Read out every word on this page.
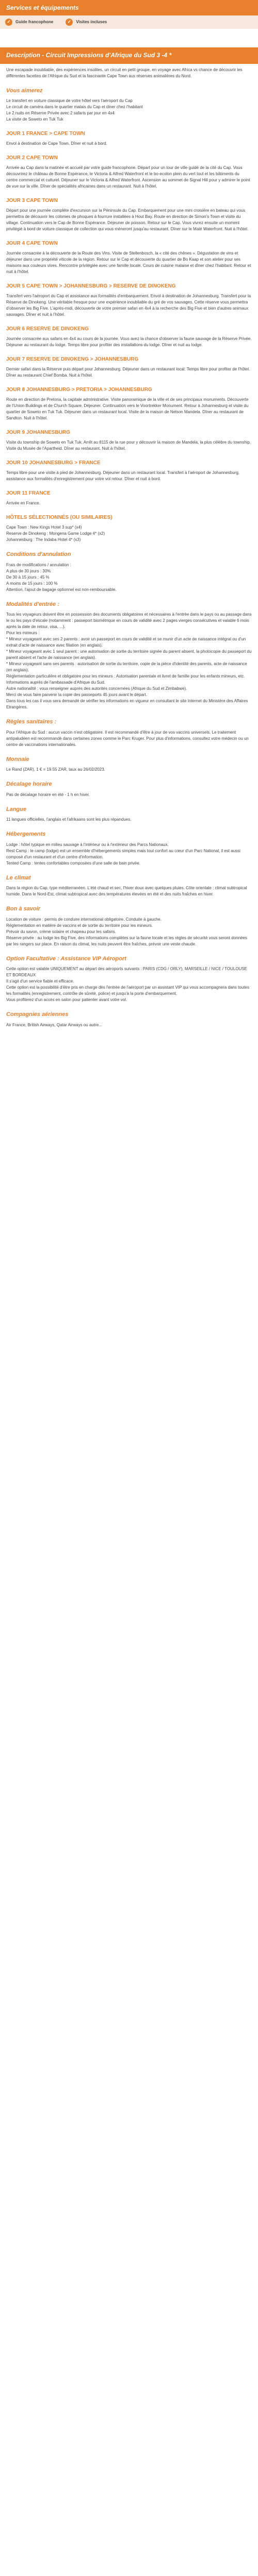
Services et équipements
✓	Guide francophone	✓	Visites incluses
Description - Circuit Impressions d'Afrique du Sud 3 -4 *

Une escapade inoubliable, des expériences insolites, un circuit en petit groupe, en voyage avec Africa vs chance de découvrir les différentes facettes de l'Afrique du Sud et la fascinante Cape Town aux réserves animalières du Nord.

Vous aimerez

Le transfert en voiture classique de votre hôtel vers l'aéroport du Cap
Le circuit de caméra dans le quartier malais du Cap et diner chez l'habitant
Le 2 nuits en Réserve Privée avec 2 safaris par jour en 4x4
La visite de Soweto en Tuk Tuk

JOUR 1 FRANCE > CAPE TOWN

Envol à destination de Cape Town. Dîner et nuit à bord.

JOUR 2 CAPE TOWN

Arrivée au Cap dans la matinée et accueil par votre guide francophone. Départ pour un tour de ville guidé de la cité du Cap. Vous découvrirez le château de Bonne Espérance, le Victoria & Alfred Waterfront et le bo-ecolon plein du vert tout et les bâtiments du centre commercial et culturel. Déjeuner sur le Victoria & Alfred Waterfront. Ascension au sommet de Signal Hill pour y admirer le point de vue sur la ville. Dîner de spécialités africaines dans un restaurant. Nuit à l'hôtel.

JOUR 3 CAPE TOWN

Départ pour une journée complète d'excursion sur la Péninsule du Cap. Embarquement pour une mini croisière en bateau qui vous permettra de découvrir les colonies de phoques à fourrure installées à Hout Bay. Route en direction de Simon's Town et visite du village. Continuation vers le Cap de Bonne Espérance. Déjeuner de poisson. Retour sur le Cap. Vous vivrez ensuite un moment privilégié à bord de voiture classique de collection qui vous mèneront jusqu'au restaurant. Dîner sur le Malé Waterfront. Nuit à l'hôtel.

JOUR 4 CAPE TOWN

Journée consacrée à la découverte de la Route des Vins. Visite de Stellenbosch, la « cité des chênes ». Dégustation de vins et déjeuner dans une propriété viticole de la région. Retour sur le Cap et découverte du quartier de Bo Kaap et son atelier pour ses maisons aux couleurs vives. Rencontre privilégiée avec une famille locale. Cours de cuisine malaise et dîner chez l'habitant. Retour et nuit à l'hôtel.

JOUR 5 CAPE TOWN > JOHANNESBURG > RESERVE DE DINOKENG

Transfert vers l'aéroport du Cap et assistance aux formalités d'embarquement. Envol à destination de Johannesburg. Transfert pour la Réserve de Dinokeng. Une véritable fresque pour une expérience inoubliable du gré de vos sauvages. Cette réserve vous permettra d'observer les Big Five. L'après-midi, découverte de votre premier safari en 4x4 à la recherche des Big Five et bien d'autres animaux sauvages. Dîner et nuit à l'hôtel.

JOUR 6 RESERVE DE DINOKENG

Journée consacrée aux safaris en 4x4 au cours de la journée. Vous avez la chance d'observer la faune sauvage de la Réserve Privée. Déjeuner au restaurant du lodge. Temps libre pour profiter des installations du lodge. Dîner et nuit au lodge.

JOUR 7 RESERVE DE DINOKENG > JOHANNESBURG

Dernier safari dans la Réserve puis départ pour Johannesburg. Déjeuner dans un restaurant local. Temps libre pour profiter de l'hôtel. Dîner au restaurant Chief Bomba. Nuit à l'hôtel.

JOUR 8 JOHANNESBURG > PRETORIA > JOHANNESBURG

Route en direction de Pretoria, la capitale administrative. Visite panoramique de la ville et de ses principaux monuments. Découverte de l'Union Buildings et de Church Square. Déjeuner. Continuation vers le Voortrekker Monument. Retour à Johannesburg et visite du quartier de Soweto en Tuk Tuk. Déjeuner dans un restaurant local. Visite de la maison de Nelson Mandela. Dîner au restaurant de Sandton. Nuit à l'hôtel.

JOUR 9 JOHANNESBURG

Visite du township de Soweto en Tuk Tuk. Arrêt au 8115 de la rue pour y découvrir la maison de Mandela, la plus célèbre du township. Visite du Musée de l'Apartheid. Dîner au restaurant. Nuit à l'hôtel.

JOUR 10 JOHANNESBURG > FRANCE

Temps libre pour une visite à pied de Johannesburg. Déjeuner dans un restaurant local. Transfert à l'aéroport de Johannesburg, assistance aux formalités d'enregistrement pour votre vol retour. Dîner et nuit à bord.

JOUR 11 FRANCE

Arrivée en France.

HÔTELS SÉLECTIONNÉS (OU SIMILAIRES)

Cape Town : New Kings Hotel 3 sup* (x4)
Reserve de Dinokeng : Mongena Game Lodge 4* (x2)
Johannesburg : The Indaba Hotel 4* (x3)

Conditions d'annulation

Frais de modifications / annulation :
A plus de 30 jours : 30%
De 30 à 15 jours : 45 %
A moins de 15 jours : 100 %
Attention, l'ajout de bagage optionnel est non-remboursable.

Modalités d'entrée :

Tous les voyageurs doivent être en possession des documents obligatoires et nécessaires à l'entrée dans le pays ou au passage dans le ou les pays d'escale (notamment : passeport biométrique en cours de validité avec 2 pages vierges consécutives et valable 6 mois après la date de retour, visa, ...).
Pour les mineurs :
* Mineur voyageant avec ses 2 parents : avoir un passeport en cours de validité et se munir d'un acte de naissance intégral ou d'un extrait d'acte de naissance avec filiation (en anglais).
* Mineur voyageant avec 1 seul parent : une autorisation de sortie du territoire signée du parent absent, la photocopie du passeport du parent absent et l'acte de naissance (en anglais).
* Mineur voyageant sans ses parents : autorisation de sortie du territoire, copie de la pièce d'identité des parents, acte de naissance (en anglais).
Réglementation particulière et obligatoire pour les mineurs : Autorisation parentale et livret de famille pour les enfants mineurs, etc.
Informations auprès de l'ambassade d'Afrique du Sud.
Autre nationalité : vous renseigner auprès des autorités concernées (Afrique du Sud et Zimbabwe).
Merci de vous faire parvenir la copie des passeports 45 jours avant le départ.
Dans tous les cas il vous sera demandé de vérifier les informations en vigueur en consultant le site Internet du Ministère des Affaires Etrangères.

Règles sanitaires :

Pour l'Afrique du Sud : aucun vaccin n'est obligatoire. Il est recommandé d'être à jour de vos vaccins universels. Le traitement antipaludéen est recommandé dans certaines zones comme le Parc Kruger. Pour plus d'informations, consultez votre médecin ou un centre de vaccinations internationales.

Monnaie

Le Rand (ZAR), 1 € = 19.55 ZAR, taux au 26/02/2023.

Décalage horaire

Pas de décalage horaire en été - 1 h en hiver.

Langue

11 langues officielles, l'anglais et l'afrikaans sont les plus répandues.

Hébergements

Lodge : hôtel typique en milieu sauvage à l'intérieur ou à l'extérieur des Parcs Nationaux.
Rest Camp : le camp (lodge) est un ensemble d'hébergements simples mais tout confort au cœur d'un Parc National, il est aussi composé d'un restaurant et d'un centre d'information.
Tented Camp : tentes confortables composées d'une salle de bain privée.

Le climat

Dans la région du Cap, type méditerranéen. L'été chaud et sec, l'hiver doux avec quelques pluies. Côte orientale : climat subtropical humide. Dans le Nord-Est, climat subtropical avec des températures élevées en été et des nuits fraîches en hiver.

Bon à savoir

Location de voiture : permis de conduire international obligatoire. Conduite à gauche.
Réglementation en matière de vaccins et de sortie du territoire pour les mineurs.
Prévoir du savon, crème solaire et chapeau pour les safaris.
Réserve privée : au lodge les Big Five, des informations complètes sur la faune locale et les règles de sécurité vous seront données par les rangers sur place. En raison du climat, les nuits peuvent être fraîches, prévoir une veste chaude.

Option Facultative : Assistance VIP Aéroport

Cette option est valable UNIQUEMENT au départ des aéroports suivants : PARIS (CDG / ORLY), MARSEILLE / NICE / TOULOUSE ET BORDEAUX
Il s'agit d'un service fiable et efficace.
Cette option est la possibilité d'être pris en charge dès l'entrée de l'aéroport par un assistant VIP qui vous accompagnera dans toutes les formalités (enregistrement, contrôle de sûreté, police) et jusqu'à la porte d'embarquement.
Vous profiterez d'un accès en salon pour patienter avant votre vol.

Compagnies aériennes

Air France, British Airways, Qatar Airways ou autre...
